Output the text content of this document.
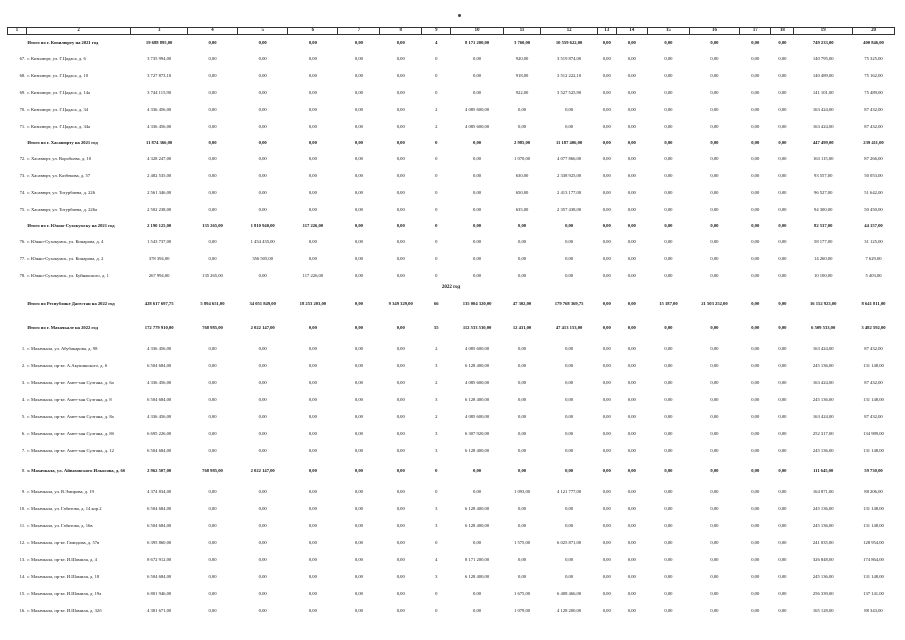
1	2	3	4	5	6	7	8	9	10	11	12	13	14	15	16	17	18	19	20
	Итого по г. Кизилюрту на 2021 год	19 688 895,00	0,00	0,00	0,00	0,00	0,00	4	8 171 200,00	3 760,00	10 559 622,00	0,00	0,00	0,00	0,00	0,00	0,00	749 233,00	400 846,00
67.	г. Кизилюрт, ул. Г.Цадаса, д. 6	3 735 994,00	0,00	0,00	0,00	0,00	0,00	0	0,00	920,00	3 519 874,00	0,00	0,00	0,00	0,00	0,00	0,00	140 795,00	75 325,00
68.	г. Кизилюрт, ул. Г.Цадаса, д. 10	3 727 873,10	0,00	0,00	0,00	0,00	0,00	0	0,00	918,00	3 512 222,10	0,00	0,00	0,00	0,00	0,00	0,00	140 489,00	75 162,00
69.	г. Кизилюрт, ул. Г.Цадаса, д. 14а	3 744 115,90	0,00	0,00	0,00	0,00	0,00	0	0,00	922,00	3 527 525,90	0,00	0,00	0,00	0,00	0,00	0,00	141 101,00	75 489,00
70.	г. Кизилюрт, ул. Г.Цадаса, д. 34	4 336 456,00	0,00	0,00	0,00	0,00	0,00	2	4 085 600,00	0,00	0,00	0,00	0,00	0,00	0,00	0,00	0,00	163 424,00	87 432,00
71.	г. Кизилюрт, ул. Г.Цадаса, д. 34а	4 336 456,00	0,00	0,00	0,00	0,00	0,00	2	4 085 600,00	0,00	0,00	0,00	0,00	0,00	0,00	0,00	0,00	163 424,00	87 432,00
	Итого по г. Хасавюрту на 2021 год	11 874 366,00	0,00	0,00	0,00	0,00	0,00	0	0,00	2 985,00	11 187 406,00	0,00	0,00	0,00	0,00	0,00	0,00	447 499,00	239 411,00
72.	г. Хасавюрт, ул. Воробьева, д. 10	4 328 247,00	0,00	0,00	0,00	0,00	0,00	0	0,00	1 070,00	4 077 866,00	0,00	0,00	0,00	0,00	0,00	0,00	163 115,00	87 266,00
73.	г. Хасавюрт, ул. Казбекова, д. 57	2 482 535,00	0,00	0,00	0,00	0,00	0,00	0	0,00	630,00	2 338 925,00	0,00	0,00	0,00	0,00	0,00	0,00	93 557,00	50 053,00
74.	г. Хасавюрт, ул. Тотурбиева, д. 226	2 561 346,00	0,00	0,00	0,00	0,00	0,00	0	0,00	650,00	2 413 177,00	0,00	0,00	0,00	0,00	0,00	0,00	96 527,00	51 642,00
75.	г. Хасавюрт, ул. Тотурбиева, д. 226а	2 502 238,00	0,00	0,00	0,00	0,00	0,00	0	0,00	635,00	2 357 438,00	0,00	0,00	0,00	0,00	0,00	0,00	94 300,00	50 450,00
	Итого по г. Южно-Сухокумску на 2021 год	2 190 125,00	135 265,00	1 810 940,00	117 226,00	0,00	0,00	0	0,00	0,00	0,00	0,00	0,00	0,00	0,00	0,00	0,00	82 537,00	44 157,00
76.	г. Южно-Сухокумск, ул. Комарова, д. 4	1 543 737,00	0,00	1 454 435,00	0,00	0,00	0,00	0	0,00	0,00	0,00	0,00	0,00	0,00	0,00	0,00	0,00	58 177,00	31 125,00
77.	г. Южно-Сухокумск, ул. Комарова, д. 2	378 394,00	0,00	356 505,00	0,00	0,00	0,00	0	0,00	0,00	0,00	0,00	0,00	0,00	0,00	0,00	0,00	14 260,00	7 629,00
78.	г. Южно-Сухокумск, ул. Буйнакского, д. 1	267 994,00	135 265,00	0,00	117 226,00	0,00	0,00	0	0,00	0,00	0,00	0,00	0,00	0,00	0,00	0,00	0,00	10 100,00	5 403,00
2022 год																			
	Итого по Республике Дагестан на 2022 год	428 617 697,75	5 894 651,00	34 051 849,00	18 253 203,00	0,00	9 349 329,00	66	135 004 320,00	47 302,00	179 768 369,75	0,00	0,00	15 187,00	21 503 252,00	0,00	0,00	16 152 923,00	8 641 811,00
	Итого по г. Махачкале на 2022 год	172 779 910,00	768 985,00	2 022 147,00	0,00	0,00	0,00	55	112 533 530,00	12 431,00	47 413 153,00	0,00	0,00	0,00	0,00	0,00	0,00	6 509 533,00	3 482 592,00
1.	г. Махачкала, ул. Абубакарова, д. 98	4 336 456,00	0,00	0,00	0,00	0,00	0,00	2	4 085 600,00	0,00	0,00	0,00	0,00	0,00	0,00	0,00	0,00	163 424,00	87 432,00
2.	г. Махачкала, пр-кт. А.Акушинского, д. 6	6 504 684,00	0,00	0,00	0,00	0,00	0,00	3	6 128 400,00	0,00	0,00	0,00	0,00	0,00	0,00	0,00	0,00	245 136,00	131 148,00
3.	г. Махачкала, пр-кт. Амет-хан Султана, д. 6а	4 336 456,00	0,00	0,00	0,00	0,00	0,00	2	4 085 600,00	0,00	0,00	0,00	0,00	0,00	0,00	0,00	0,00	163 424,00	87 432,00
4.	г. Махачкала, пр-кт. Амет-хан Султана, д. 8	6 504 684,00	0,00	0,00	0,00	0,00	0,00	3	6 128 400,00	0,00	0,00	0,00	0,00	0,00	0,00	0,00	0,00	245 136,00	131 148,00
5.	г. Махачкала, пр-кт. Амет-хан Султана, д. 8а	4 336 456,00	0,00	0,00	0,00	0,00	0,00	2	4 085 600,00	0,00	0,00	0,00	0,00	0,00	0,00	0,00	0,00	163 424,00	87 432,00
6.	г. Махачкала, пр-кт. Амет-хан Султана, д. 8б	6 695 226,00	0,00	0,00	0,00	0,00	0,00	3	6 307 920,00	0,00	0,00	0,00	0,00	0,00	0,00	0,00	0,00	252 317,00	134 989,00
7.	г. Махачкала, пр-кт. Амет-хан Султана, д. 12	6 504 684,00	0,00	0,00	0,00	0,00	0,00	3	6 128 400,00	0,00	0,00	0,00	0,00	0,00	0,00	0,00	0,00	245 136,00	131 148,00
8.	г. Махачкала, ул. Айвазовского Ильясова, д. 6б	2 962 507,00	768 985,00	2 022 147,00	0,00	0,00	0,00	0	0,00	0,00	0,00	0,00	0,00	0,00	0,00	0,00	0,00	111 645,00	59 730,00
9.	г. Махачкала, ул. В.Эмирова, д. 19	4 374 834,00	0,00	0,00	0,00	0,00	0,00	0	0,00	1 093,00	4 121 777,00	0,00	0,00	0,00	0,00	0,00	0,00	164 871,00	88 206,00
10.	г. Махачкала, ул. Габитова, д. 14 кор.2	6 504 684,00	0,00	0,00	0,00	0,00	0,00	3	6 128 400,00	0,00	0,00	0,00	0,00	0,00	0,00	0,00	0,00	245 136,00	131 148,00
11.	г. Махачкала, ул. Габитова, д. 16в	6 504 684,00	0,00	0,00	0,00	0,00	0,00	3	6 128 400,00	0,00	0,00	0,00	0,00	0,00	0,00	0,00	0,00	245 136,00	131 148,00
12.	г. Махачкала, пр-кт. Гамидова, д. 57в	6 395 860,00	0,00	0,00	0,00	0,00	0,00	0	0,00	1 575,00	6 025 871,00	0,00	0,00	0,00	0,00	0,00	0,00	241 035,00	128 954,00
13.	г. Махачкала, пр-кт. И.Шамиля, д. 4	8 672 912,00	0,00	0,00	0,00	0,00	0,00	4	8 171 200,00	0,00	0,00	0,00	0,00	0,00	0,00	0,00	0,00	326 848,00	174 864,00
14.	г. Махачкала, пр-кт. И.Шамиля, д. 18	6 504 684,00	0,00	0,00	0,00	0,00	0,00	3	6 128 400,00	0,00	0,00	0,00	0,00	0,00	0,00	0,00	0,00	245 136,00	131 148,00
15.	г. Махачкала, пр-кт. И.Шамиля, д. 19а	6 801 946,00	0,00	0,00	0,00	0,00	0,00	0	0,00	1 675,00	6 408 466,00	0,00	0,00	0,00	0,00	0,00	0,00	256 339,00	137 141,00
16.	г. Махачкала, пр-кт. И.Шамиля, д. 32б	4 381 671,00	0,00	0,00	0,00	0,00	0,00	0	0,00	1 079,00	4 128 200,00	0,00	0,00	0,00	0,00	0,00	0,00	165 128,00	88 343,00
